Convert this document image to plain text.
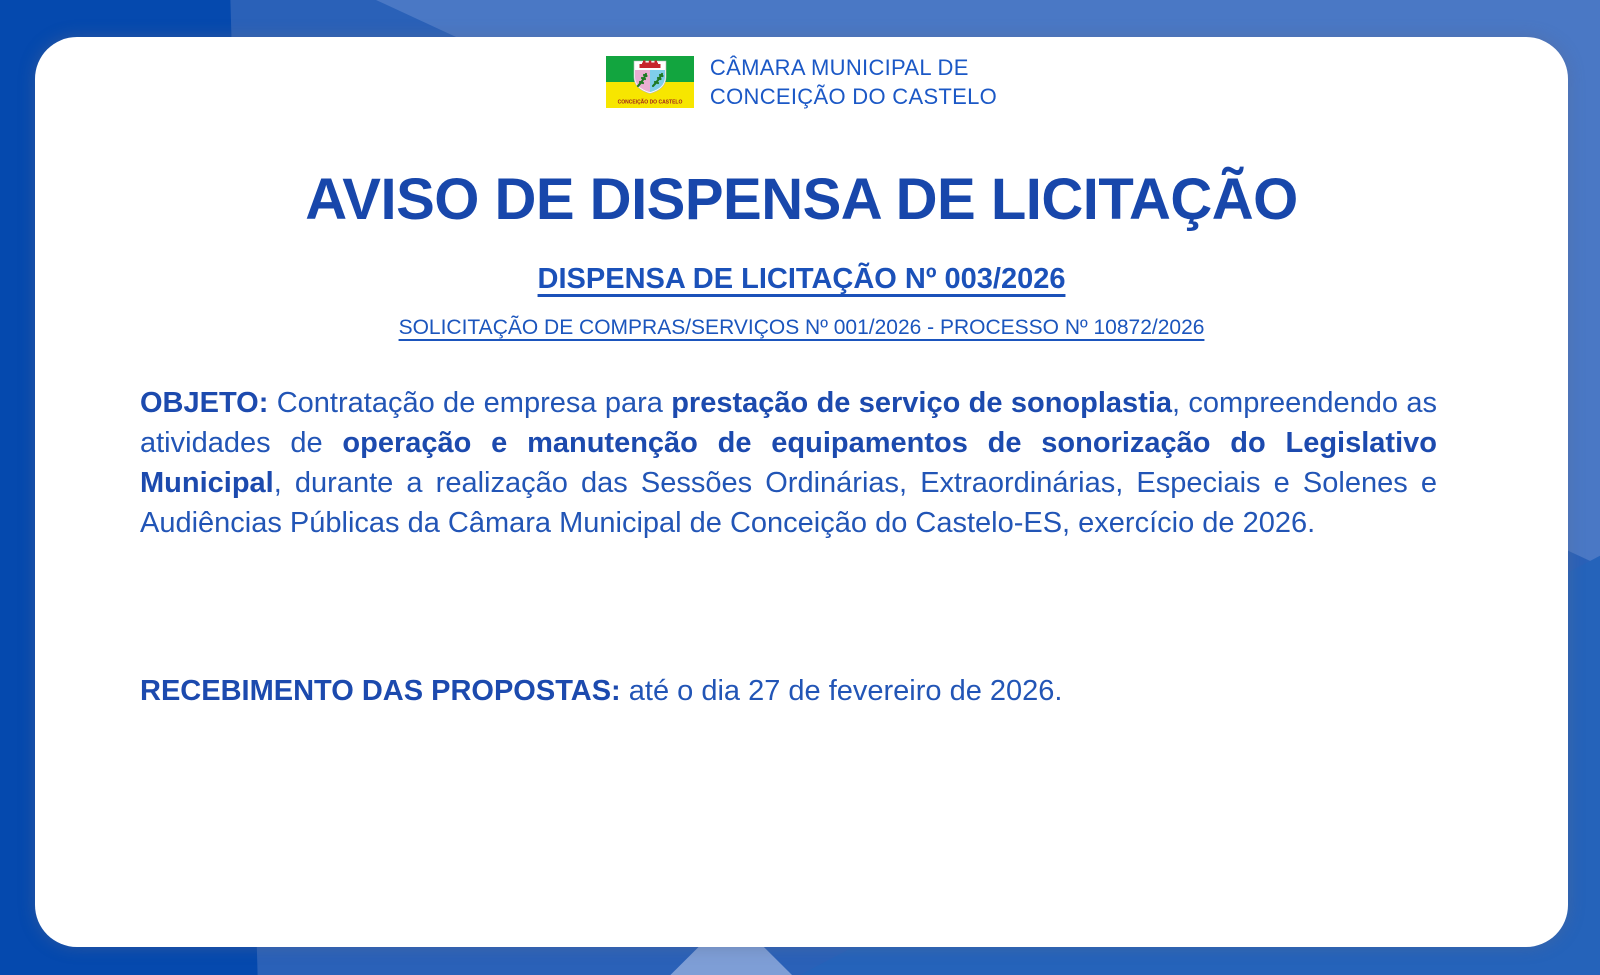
CONCEIÇÃO DO CASTELO
CÂMARA MUNICIPAL DE
CONCEIÇÃO DO CASTELO
AVISO DE DISPENSA DE LICITAÇÃO
DISPENSA DE LICITAÇÃO Nº 003/2026
SOLICITAÇÃO DE COMPRAS/SERVIÇOS Nº 001/2026 - PROCESSO Nº 10872/2026

OBJETO: Contratação de empresa para prestação de serviço de sonoplastia, compreendendo as atividades de operação e manutenção de equipamentos de sonorização do Legislativo Municipal, durante a realização das Sessões Ordinárias, Extraordinárias, Especiais e Solenes e Audiências Públicas da Câmara Municipal de Conceição do Castelo-ES, exercício de 2026.

RECEBIMENTO DAS PROPOSTAS: até o dia 27 de fevereiro de 2026.
